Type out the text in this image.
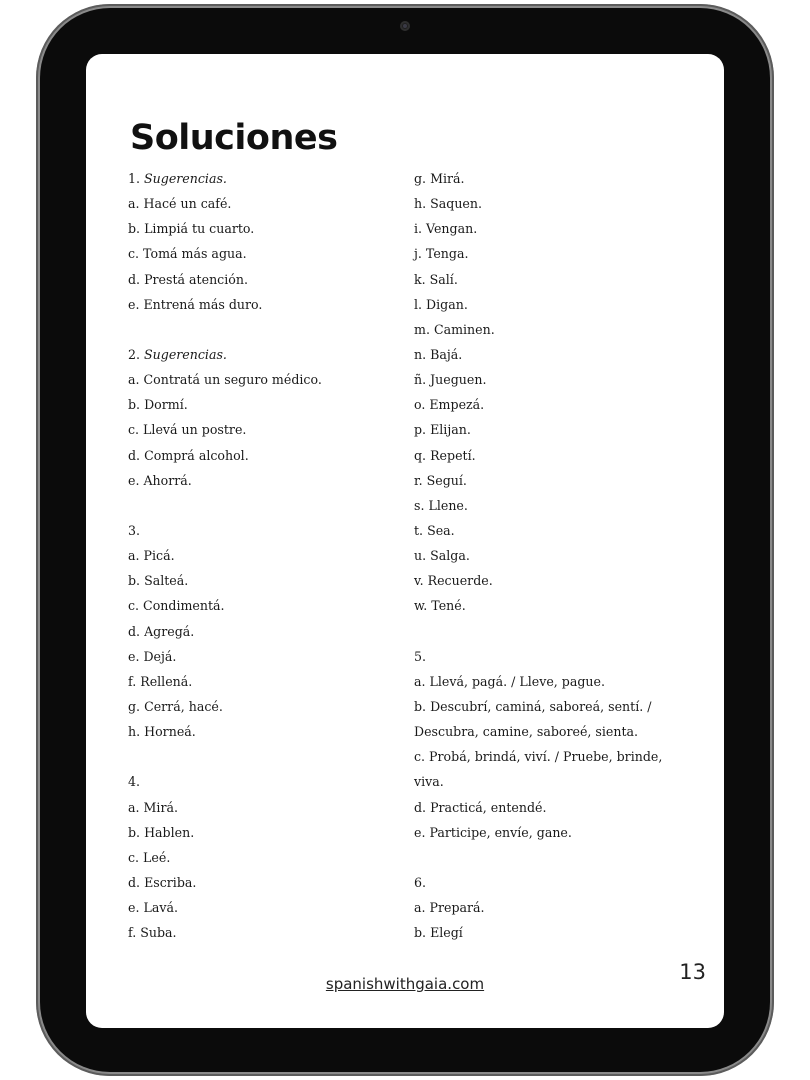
Soluciones
1. Sugerencias.
a. Hacé un café.
b. Limpiá tu cuarto.
c. Tomá más agua.
d. Prestá atención.
e. Entrená más duro.
2. Sugerencias.
a. Contratá un seguro médico.
b. Dormí.
c. Llevá un postre.
d. Comprá alcohol.
e. Ahorrá.
3.
a. Picá.
b. Salteá.
c. Condimentá.
d. Agregá.
e. Dejá.
f. Rellená.
g. Cerrá, hacé.
h. Horneá.
4.
a. Mirá.
b. Hablen.
c. Leé.
d. Escriba.
e. Lavá.
f. Suba.
g. Mirá.
h. Saquen.
i. Vengan.
j. Tenga.
k. Salí.
l. Digan.
m. Caminen.
n. Bajá.
ñ. Jueguen.
o. Empezá.
p. Elijan.
q. Repetí.
r. Seguí.
s. Llene.
t. Sea.
u. Salga.
v. Recuerde.
w. Tené.
5.
a. Llevá, pagá. / Lleve, pague.
b. Descubrí, caminá, saboreá, sentí. /
Descubra, camine, saboreé, sienta.
c. Probá, brindá, viví. / Pruebe, brinde,
viva.
d. Practicá, entendé.
e. Participe, envíe, gane.
6.
a. Prepará.
b. Elegí
spanishwithgaia.com	13
